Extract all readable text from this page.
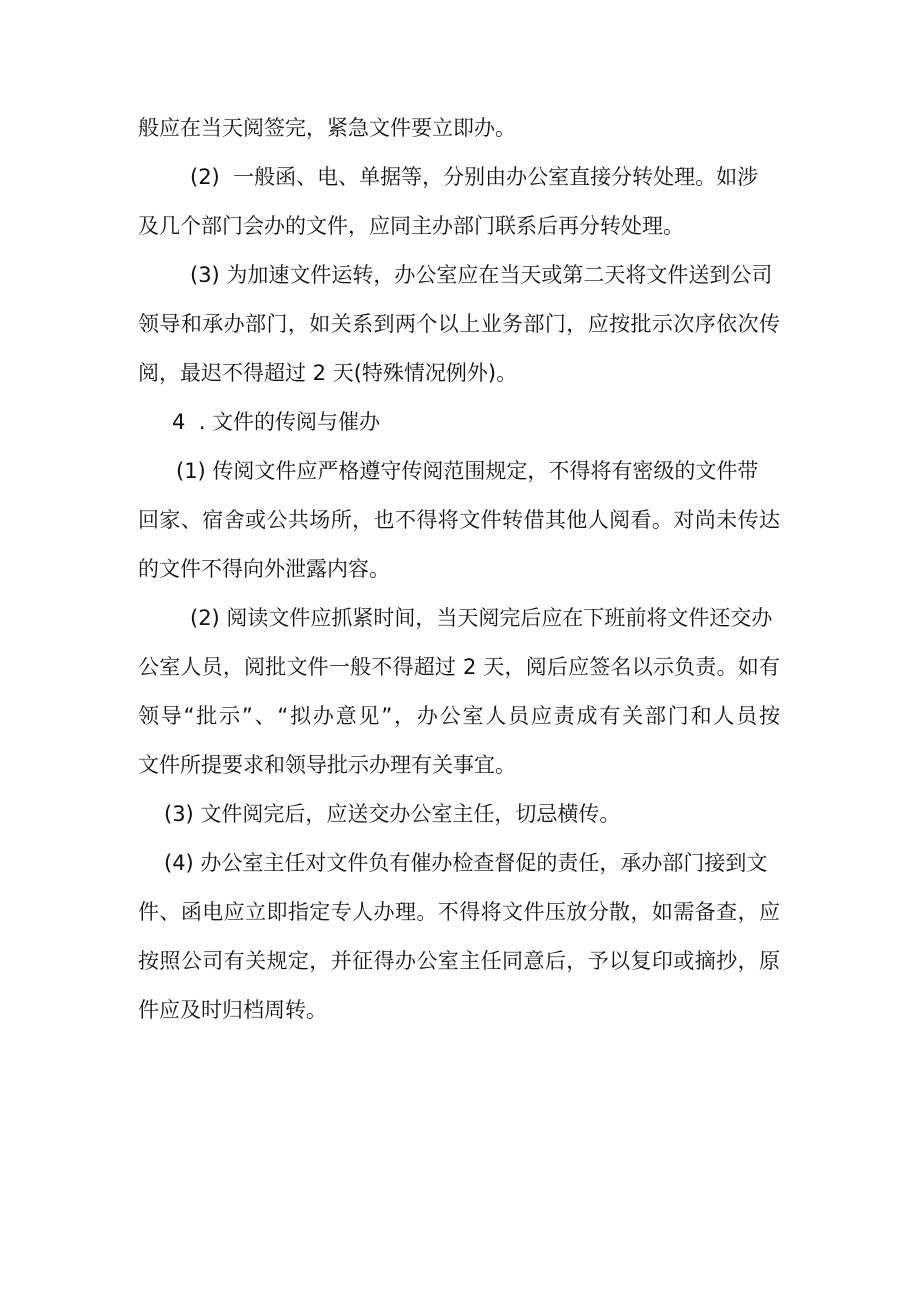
般应在当天阅签完，紧急文件要立即办。
(2)  一般函、电、单据等，分别由办公室直接分转处理。如涉
及几个部门会办的文件，应同主办部门联系后再分转处理。
(3) 为加速文件运转，办公室应在当天或第二天将文件送到公司
领导和承办部门，如关系到两个以上业务部门，应按批示次序依次传
阅，最迟不得超过 2 天(特殊情况例外)。
4  . 文件的传阅与催办
(1) 传阅文件应严格遵守传阅范围规定，不得将有密级的文件带
回家、宿舍或公共场所，也不得将文件转借其他人阅看。对尚未传达
的文件不得向外泄露内容。
(2) 阅读文件应抓紧时间，当天阅完后应在下班前将文件还交办
公室人员，阅批文件一般不得超过 2 天，阅后应签名以示负责。如有
领导“批示”、“拟办意见”，办公室人员应责成有关部门和人员按
文件所提要求和领导批示办理有关事宜。
(3) 文件阅完后，应送交办公室主任，切忌横传。
(4) 办公室主任对文件负有催办检查督促的责任，承办部门接到文
件、函电应立即指定专人办理。不得将文件压放分散，如需备查，应
按照公司有关规定，并征得办公室主任同意后，予以复印或摘抄，原
件应及时归档周转。
